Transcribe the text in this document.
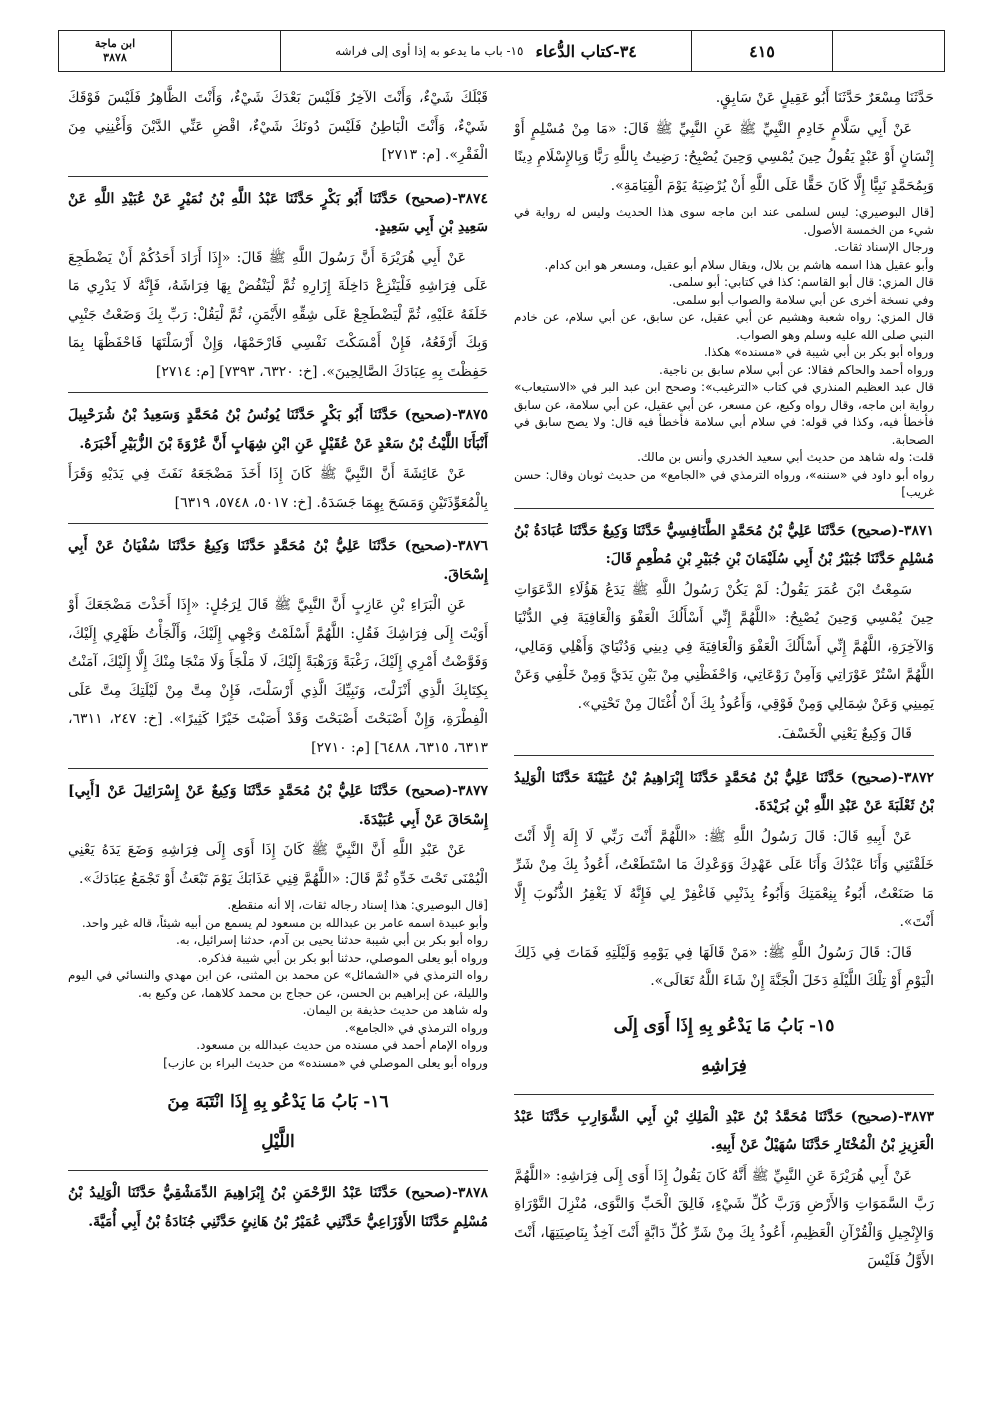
ابن ماجة
٣٨٧٨	٣٤-كتاب الدُّعاء
١٥- باب ما يدعو به إذا أوى إلى فراشه	٤١٥

حَدَّثَنَا مِسْعَرٌ حَدَّثَنَا أَبُو عَقِيلٍ عَنْ سَابِقٍ.

عَنْ أَبِي سَلَّامٍ خَادِمِ النَّبِيِّ ﷺ عَنِ النَّبِيِّ ﷺ قَالَ: «مَا مِنْ مُسْلِمٍ أَوْ إِنْسَانٍ أَوْ عَبْدٍ يَقُولُ حِينَ يُمْسِي وَحِينَ يُصْبِحُ: رَضِيتُ بِاللَّهِ رَبًّا وَبِالإِسْلَامِ دِينًا وَبِمُحَمَّدٍ نَبِيًّا إِلَّا كَانَ حَقًّا عَلَى اللَّهِ أَنْ يُرْضِيَهُ يَوْمَ الْقِيَامَةِ».

[قال البوصيري: ليس لسلمى عند ابن ماجه سوى هذا الحديث وليس له رواية في شيء من الخمسة الأصول.

ورجال الإسناد ثقات.

وأبو عقيل هذا اسمه هاشم بن بلال، ويقال سلام أبو عقيل، ومسعر هو ابن كدام.

قال المزي: قال أبو القاسم: كذا في كتابي: أبو سلمى.

وفي نسخة أخرى عن أبي سلامة والصواب أبو سلمى.

قال المزي: رواه شعبة وهشيم عن أبي عقيل، عن سابق، عن أبي سلام، عن خادم النبي صلى الله عليه وسلم وهو الصواب.

ورواه أبو بكر بن أبي شيبة في «مسنده» هكذا.

ورواه أحمد والحاكم فقالا: عن أبي سلام سابق بن ناجية.

قال عبد العظيم المنذري في كتاب «الترغيب»: وصحح ابن عبد البر في «الاستيعاب» رواية ابن ماجه، وقال رواه وكيع، عن مسعر، عن أبي عقيل، عن أبي سلامة، عن سابق فأخطأ فيه، وكذا في قوله: في سلام أبي سلامة فأخطأ فيه قال: ولا يصح سابق في الصحابة.

قلت: وله شاهد من حديث أبي سعيد الخدري وأنس بن مالك.

رواه أبو داود في «سننه»، ورواه الترمذي في «الجامع» من حديث ثوبان وقال: حسن غريب]

٣٨٧١-(صحيح) حَدَّثَنَا عَلِيُّ بْنُ مُحَمَّدٍ الطَّنَافِسِيُّ حَدَّثَنَا وَكِيعٌ حَدَّثَنَا عُبَادَةُ بْنُ مُسْلِمٍ حَدَّثَنَا جُبَيْرُ بْنُ أَبِي سُلَيْمَانَ بْنِ جُبَيْرِ بْنِ مُطْعِمٍ قَالَ:

سَمِعْتُ ابْنَ عُمَرَ يَقُولُ: لَمْ يَكُنْ رَسُولُ اللَّهِ ﷺ يَدَعُ هَؤُلَاءِ الدَّعَوَاتِ حِينَ يُمْسِي وَحِينَ يُصْبِحُ: «اللَّهُمَّ إِنِّي أَسْأَلُكَ الْعَفْوَ وَالْعَافِيَةَ فِي الدُّنْيَا وَالآخِرَةِ، اللَّهُمَّ إِنِّي أَسْأَلُكَ الْعَفْوَ وَالْعَافِيَةَ فِي دِينِي وَدُنْيَايَ وَأَهْلِي وَمَالِي، اللَّهُمَّ اسْتُرْ عَوْرَاتِي وَآمِنْ رَوْعَاتِي، وَاحْفَظْنِي مِنْ بَيْنِ يَدَيَّ وَمِنْ خَلْفِي وَعَنْ يَمِينِي وَعَنْ شِمَالِي وَمِنْ فَوْقِي، وَأَعُوذُ بِكَ أَنْ أُغْتَالَ مِنْ تَحْتِي».

قَالَ وَكِيعٌ يَعْنِي الْخَسْفَ.

٣٨٧٢-(صحيح) حَدَّثَنَا عَلِيُّ بْنُ مُحَمَّدٍ حَدَّثَنَا إِبْرَاهِيمُ بْنُ عُيَيْنَةَ حَدَّثَنَا الْوَلِيدُ بْنُ ثَعْلَبَةَ عَنْ عَبْدِ اللَّهِ بْنِ بُرَيْدَةَ.

عَنْ أَبِيهِ قَالَ: قَالَ رَسُولُ اللَّهِ ﷺ: «اللَّهُمَّ أَنْتَ رَبِّي لَا إِلَهَ إِلَّا أَنْتَ خَلَقْتَنِي وَأَنَا عَبْدُكَ وَأَنَا عَلَى عَهْدِكَ وَوَعْدِكَ مَا اسْتَطَعْتُ، أَعُوذُ بِكَ مِنْ شَرِّ مَا صَنَعْتُ، أَبُوءُ بِنِعْمَتِكَ وَأَبُوءُ بِذَنْبِي فَاغْفِرْ لِي فَإِنَّهُ لَا يَغْفِرُ الذُّنُوبَ إِلَّا أَنْتَ».

قَالَ: قَالَ رَسُولُ اللَّهِ ﷺ: «مَنْ قَالَهَا فِي يَوْمِهِ وَلَيْلَتِهِ فَمَاتَ فِي ذَلِكَ الْيَوْمِ أَوْ تِلْكَ اللَّيْلَةِ دَخَلَ الْجَنَّةَ إِنْ شَاءَ اللَّهُ تَعَالَى».

١٥- بَابُ مَا يَدْعُو بِهِ إِذَا أَوَى إِلَى
فِرَاشِهِ

٣٨٧٣-(صحيح) حَدَّثَنَا مُحَمَّدُ بْنُ عَبْدِ الْمَلِكِ بْنِ أَبِي الشَّوَارِبِ حَدَّثَنَا عَبْدُ الْعَزِيزِ بْنُ الْمُخْتَارِ حَدَّثَنَا سُهَيْلٌ عَنْ أَبِيهِ.

عَنْ أَبِي هُرَيْرَةَ عَنِ النَّبِيِّ ﷺ أَنَّهُ كَانَ يَقُولُ إِذَا أَوَى إِلَى فِرَاشِهِ: «اللَّهُمَّ رَبَّ السَّمَوَاتِ وَالأَرْضِ وَرَبَّ كُلِّ شَيْءٍ، فَالِقَ الْحَبِّ وَالنَّوَى، مُنْزِلَ التَّوْرَاةِ وَالإِنْجِيلِ وَالْقُرْآنِ الْعَظِيمِ، أَعُوذُ بِكَ مِنْ شَرِّ كُلِّ دَابَّةٍ أَنْتَ آخِذٌ بِنَاصِيَتِهَا، أَنْتَ الأَوَّلُ فَلَيْسَ

قَبْلَكَ شَيْءٌ، وَأَنْتَ الآخِرُ فَلَيْسَ بَعْدَكَ شَيْءٌ، وَأَنْتَ الظَّاهِرُ فَلَيْسَ فَوْقَكَ شَيْءٌ، وَأَنْتَ الْبَاطِنُ فَلَيْسَ دُونَكَ شَيْءٌ، اقْضِ عَنِّي الدَّيْنَ وَأَغْنِنِي مِنَ الْفَقْرِ». [م: ٢٧١٣]

٣٨٧٤-(صحيح) حَدَّثَنَا أَبُو بَكْرٍ حَدَّثَنَا عَبْدُ اللَّهِ بْنُ نُمَيْرٍ عَنْ عُبَيْدِ اللَّهِ عَنْ سَعِيدِ بْنِ أَبِي سَعِيدٍ.

عَنْ أَبِي هُرَيْرَةَ أَنَّ رَسُولَ اللَّهِ ﷺ قَالَ: «إِذَا أَرَادَ أَحَدُكُمْ أَنْ يَضْطَجِعَ عَلَى فِرَاشِهِ فَلْيَنْزِعْ دَاخِلَةَ إِزَارِهِ ثُمَّ لْيَنْفُضْ بِهَا فِرَاشَهُ، فَإِنَّهُ لَا يَدْرِي مَا خَلَفَهُ عَلَيْهِ، ثُمَّ لْيَضْطَجِعْ عَلَى شِقِّهِ الأَيْمَنِ، ثُمَّ لْيَقُلْ: رَبِّ بِكَ وَضَعْتُ جَنْبِي وَبِكَ أَرْفَعُهُ، فَإِنْ أَمْسَكْتَ نَفْسِي فَارْحَمْهَا، وَإِنْ أَرْسَلْتَهَا فَاحْفَظْهَا بِمَا حَفِظْتَ بِهِ عِبَادَكَ الصَّالِحِينَ». [خ: ٦٣٢٠، ٧٣٩٣] [م: ٢٧١٤]

٣٨٧٥-(صحيح) حَدَّثَنَا أَبُو بَكْرٍ حَدَّثَنَا يُونُسُ بْنُ مُحَمَّدٍ وَسَعِيدُ بْنُ شُرَحْبِيلَ أَنْبَأَنَا اللَّيْثُ بْنُ سَعْدٍ عَنْ عُقَيْلٍ عَنِ ابْنِ شِهَابٍ أَنَّ عُرْوَةَ بْنَ الزُّبَيْرِ أَخْبَرَهُ.

عَنْ عَائِشَةَ أَنَّ النَّبِيَّ ﷺ كَانَ إِذَا أَخَذَ مَضْجَعَهُ نَفَثَ فِي يَدَيْهِ وَقَرَأَ بِالْمُعَوِّذَتَيْنِ وَمَسَحَ بِهِمَا جَسَدَهُ. [خ: ٥٠١٧، ٥٧٤٨، ٦٣١٩]

٣٨٧٦-(صحيح) حَدَّثَنَا عَلِيُّ بْنُ مُحَمَّدٍ حَدَّثَنَا وَكِيعٌ حَدَّثَنَا سُفْيَانُ عَنْ أَبِي إِسْحَاقَ.

عَنِ الْبَرَاءِ بْنِ عَازِبٍ أَنَّ النَّبِيَّ ﷺ قَالَ لِرَجُلٍ: «إِذَا أَخَذْتَ مَضْجَعَكَ أَوْ أَوَيْتَ إِلَى فِرَاشِكَ فَقُلِ: اللَّهُمَّ أَسْلَمْتُ وَجْهِي إِلَيْكَ، وَأَلْجَأْتُ ظَهْرِي إِلَيْكَ، وَفَوَّضْتُ أَمْرِي إِلَيْكَ، رَغْبَةً وَرَهْبَةً إِلَيْكَ، لَا مَلْجَأَ وَلَا مَنْجَا مِنْكَ إِلَّا إِلَيْكَ، آمَنْتُ بِكِتَابِكَ الَّذِي أَنْزَلْتَ، وَنَبِيِّكَ الَّذِي أَرْسَلْتَ، فَإِنْ مِتَّ مِنْ لَيْلَتِكَ مِتَّ عَلَى الْفِطْرَةِ، وَإِنْ أَصْبَحْتَ أَصْبَحْتَ وَقَدْ أَصَبْتَ خَيْرًا كَثِيرًا». [خ: ٢٤٧، ٦٣١١، ٦٣١٣، ٦٣١٥، ٦٤٨٨] [م: ٢٧١٠]

٣٨٧٧-(صحيح) حَدَّثَنَا عَلِيُّ بْنُ مُحَمَّدٍ حَدَّثَنَا وَكِيعٌ عَنْ إِسْرَائِيلَ عَنْ [أَبِي] إِسْحَاقَ عَنْ أَبِي عُبَيْدَةَ.

عَنْ عَبْدِ اللَّهِ أَنَّ النَّبِيَّ ﷺ كَانَ إِذَا أَوَى إِلَى فِرَاشِهِ وَضَعَ يَدَهُ يَعْنِي الْيُمْنَى تَحْتَ خَدِّهِ ثُمَّ قَالَ: «اللَّهُمَّ قِنِي عَذَابَكَ يَوْمَ تَبْعَثُ أَوْ تَجْمَعُ عِبَادَكَ».

[قال البوصيري: هذا إسناد رجاله ثقات، إلا أنه منقطع.

وأبو عبيدة اسمه عامر بن عبدالله بن مسعود لم يسمع من أبيه شيئاً، قاله غير واحد.

رواه أبو بكر بن أبي شيبة حدثنا يحيى بن آدم، حدثنا إسرائيل، به.

ورواه أبو يعلى الموصلي، حدثنا أبو بكر بن أبي شيبة فذكره.

رواه الترمذي في «الشمائل» عن محمد بن المثنى، عن ابن مهدي والنسائي في اليوم والليلة، عن إبراهيم بن الحسن، عن حجاج بن محمد كلاهما، عن وكيع به.

وله شاهد من حديث حذيفة بن اليمان.

ورواه الترمذي في «الجامع».

ورواه الإمام أحمد في مسنده من حديث عبدالله بن مسعود.

ورواه أبو يعلى الموصلي في «مسنده» من حديث البراء بن عازب]

١٦- بَابُ مَا يَدْعُو بِهِ إِذَا انْتَبَهَ مِنَ
اللَّيْلِ

٣٨٧٨-(صحيح) حَدَّثَنَا عَبْدُ الرَّحْمَنِ بْنُ إِبْرَاهِيمَ الدِّمَشْقِيُّ حَدَّثَنَا الْوَلِيدُ بْنُ مُسْلِمٍ حَدَّثَنَا الأَوْزَاعِيُّ حَدَّثَنِي عُمَيْرُ بْنُ هَانِئٍ حَدَّثَنِي جُنَادَةُ بْنُ أَبِي أُمَيَّةَ.
